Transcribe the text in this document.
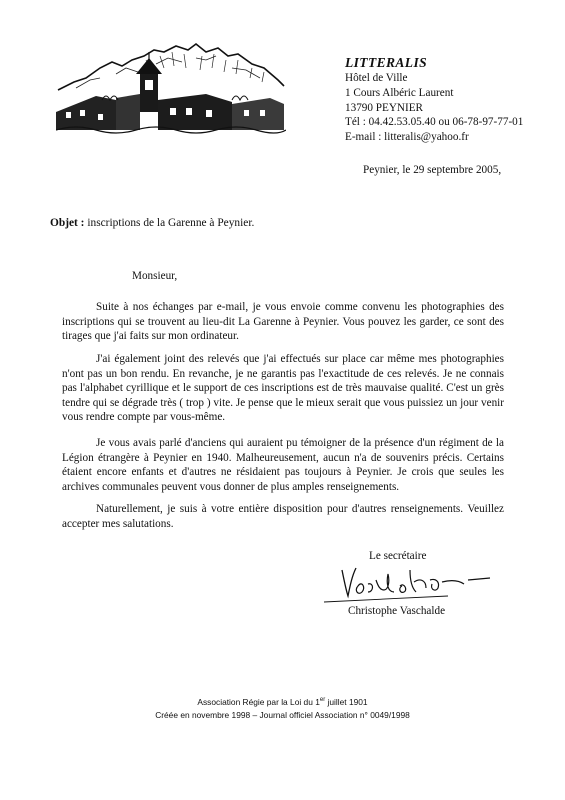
LITTERALIS
Hôtel de Ville
1 Cours Albéric Laurent
13790 PEYNIER
Tél : 04.42.53.05.40 ou 06-78-97-77-01
E-mail : litteralis@yahoo.fr
Peynier, le 29 septembre 2005,
Objet : inscriptions de la Garenne à Peynier.
Monsieur,
Suite à nos échanges par e-mail, je vous envoie comme convenu les photographies des inscriptions qui se trouvent au lieu-dit La Garenne à Peynier. Vous pouvez les garder, ce sont des tirages que j'ai faits sur mon ordinateur.
J'ai également joint des relevés que j'ai effectués sur place car même mes photographies n'ont pas un bon rendu. En revanche, je ne garantis pas l'exactitude de ces relevés. Je ne connais pas l'alphabet cyrillique et le support de ces inscriptions est de très mauvaise qualité. C'est un grès tendre qui se dégrade très ( trop ) vite. Je pense que le mieux serait que vous puissiez un jour venir vous rendre compte par vous-même.
Je vous avais parlé d'anciens qui auraient pu témoigner de la présence d'un régiment de la Légion étrangère à Peynier en 1940. Malheureusement, aucun n'a de souvenirs précis. Certains étaient encore enfants et d'autres ne résidaient pas toujours à Peynier. Je crois que seules les archives communales peuvent vous donner de plus amples renseignements.
Naturellement, je suis à votre entière disposition pour d'autres renseignements. Veuillez accepter mes salutations.
Le secrétaire
Christophe Vaschalde
Association Régie par la Loi du 1er juillet 1901
Créée en novembre 1998 – Journal officiel Association n° 0049/1998
